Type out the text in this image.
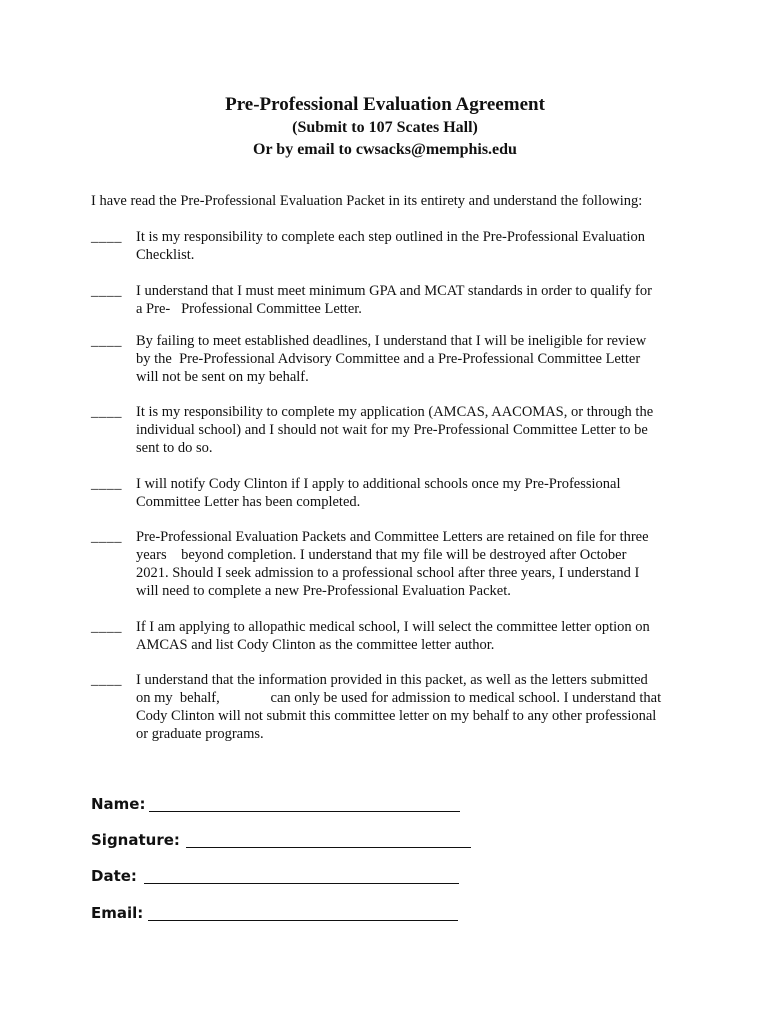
Pre-Professional Evaluation Agreement
(Submit to 107 Scates Hall)
Or by email to cwsacks@memphis.edu
I have read the Pre-Professional Evaluation Packet in its entirety and understand the following:
____ It is my responsibility to complete each step outlined in the Pre-Professional Evaluation
Checklist.
____ I understand that I must meet minimum GPA and MCAT standards in order to qualify for
a Pre-   Professional Committee Letter.
____ By failing to meet established deadlines, I understand that I will be ineligible for review
by the  Pre-Professional Advisory Committee and a Pre-Professional Committee Letter
will not be sent on my behalf.
____ It is my responsibility to complete my application (AMCAS, AACOMAS, or through the
individual school) and I should not wait for my Pre-Professional Committee Letter to be
sent to do so.
____ I will notify Cody Clinton if I apply to additional schools once my Pre-Professional
Committee Letter has been completed.
____ Pre-Professional Evaluation Packets and Committee Letters are retained on file for three
years    beyond completion. I understand that my file will be destroyed after October
2021. Should I seek admission to a professional school after three years, I understand I
will need to complete a new Pre-Professional Evaluation Packet.
____ If I am applying to allopathic medical school, I will select the committee letter option on
AMCAS and list Cody Clinton as the committee letter author.
____ I understand that the information provided in this packet, as well as the letters submitted
on my  behalf,              can only be used for admission to medical school. I understand that
Cody Clinton will not submit this committee letter on my behalf to any other professional
or graduate programs.
Name:
Signature:
Date:
Email:
